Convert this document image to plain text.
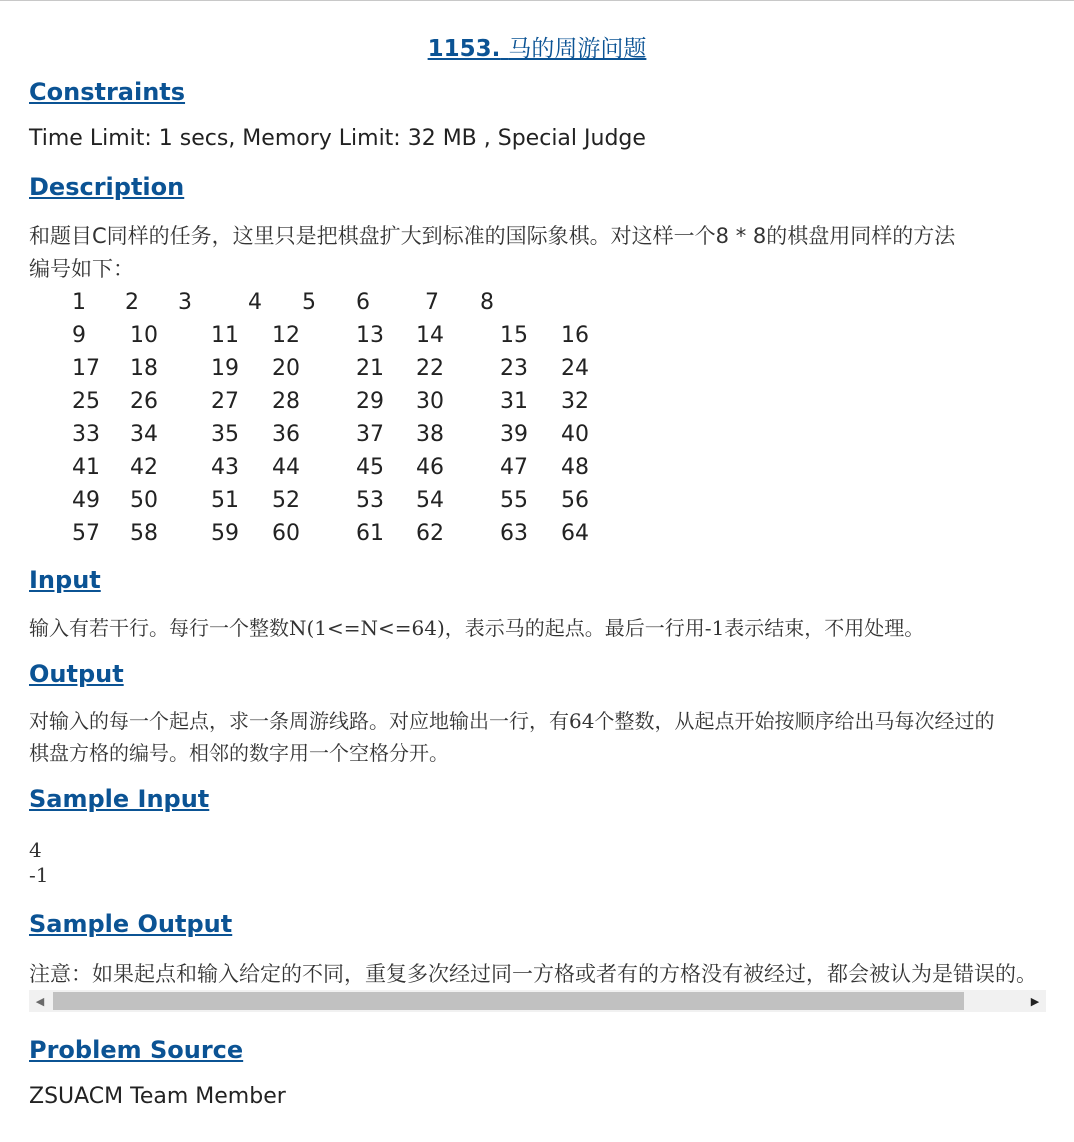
1153. 马的周游问题
Constraints
Time Limit: 1 secs, Memory Limit: 32 MB , Special Judge
Description
和题目C同样的任务，这里只是把棋盘扩大到标准的国际象棋。对这样一个8 * 8的棋盘用同样的方法
编号如下：
1 2 3	4 5 6	7 8
9 10 11 12	13 14	15 16
17 18 19 20	21 22	23 24
25 26 27 28	29 30	31 32
33 34 35 36	37 38	39 40
41 42 43 44	45 46	47 48
49 50 51 52	53 54	55 56
57 58 59 60	61 62	63 64
Input
输入有若干行。每行一个整数N(1<=N<=64)，表示马的起点。最后一行用-1表示结束，不用处理。
Output
对输入的每一个起点，求一条周游线路。对应地输出一行，有64个整数，从起点开始按顺序给出马每次经过的
棋盘方格的编号。相邻的数字用一个空格分开。
Sample Input
4
-1
Sample Output
注意：如果起点和输入给定的不同，重复多次经过同一方格或者有的方格没有被经过，都会被认为是错误的。
◀	▶
Problem Source
ZSUACM Team Member
